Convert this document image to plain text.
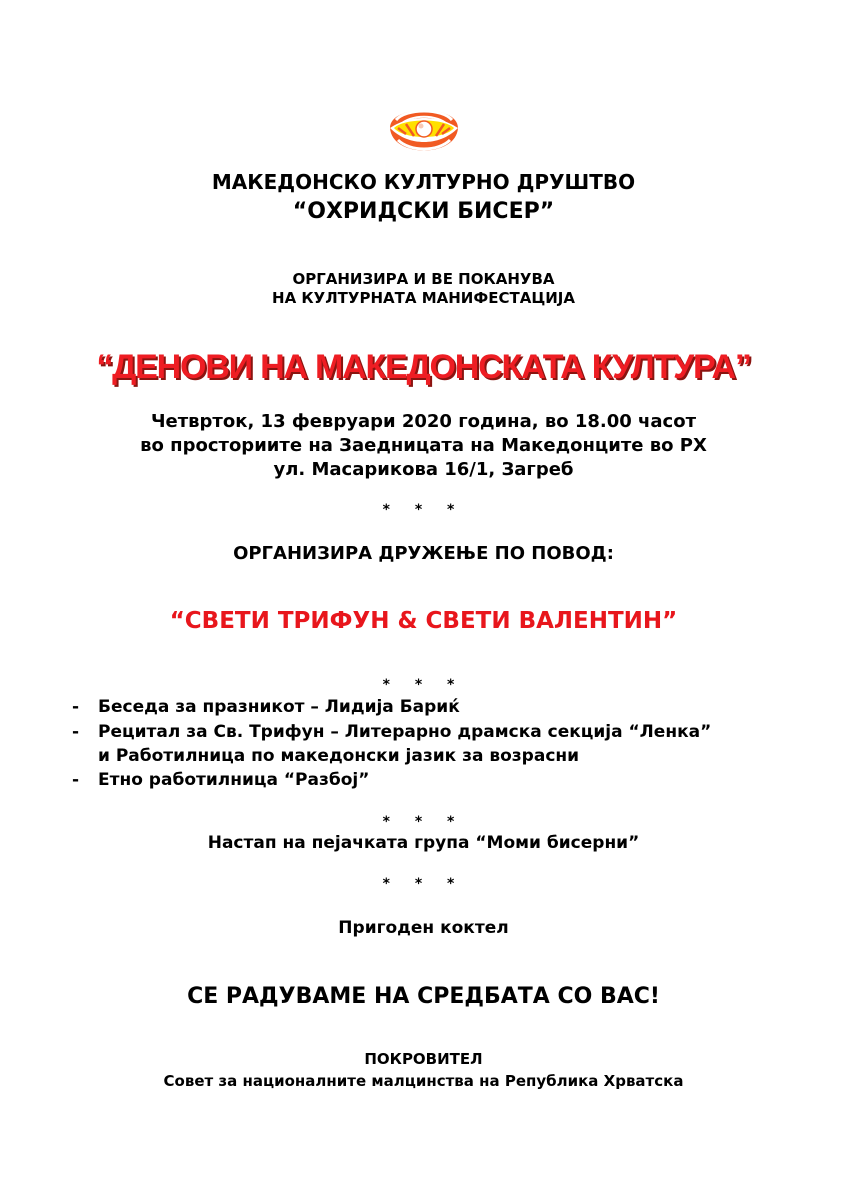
МАКЕДОНСКО КУЛТУРНО ДРУШТВО
“ОХРИДСКИ БИСЕР”
ОРГАНИЗИРА И ВЕ ПОКАНУВА
НА КУЛТУРНАТА МАНИФЕСТАЦИЈА
“ДЕНОВИ НА МАКЕДОНСКАТА КУЛТУРА”
Четврток, 13 февруари 2020 година, во 18.00 часот
во просториите на Заедницата на Македонците во РХ
ул. Масарикова 16/1, Загреб
* * *
ОРГАНИЗИРА ДРУЖЕЊЕ ПО ПОВОД:
“СВЕТИ ТРИФУН & СВЕТИ ВАЛЕНТИН”
* * *
- Беседа за празникот – Лидија Бариќ
- Рецитал за Св. Трифун – Литерарно драмска секција “Ленка”
и Работилница по македонски јазик за возрасни
- Етно работилница “Разбој”
* * *
Настап на пејачката група “Моми бисерни”
* * *
Пригоден коктел
СЕ РАДУВАМЕ НА СРЕДБАТА СО ВАС!
ПОКРОВИТЕЛ
Совет за националните малцинства на Република Хрватска
